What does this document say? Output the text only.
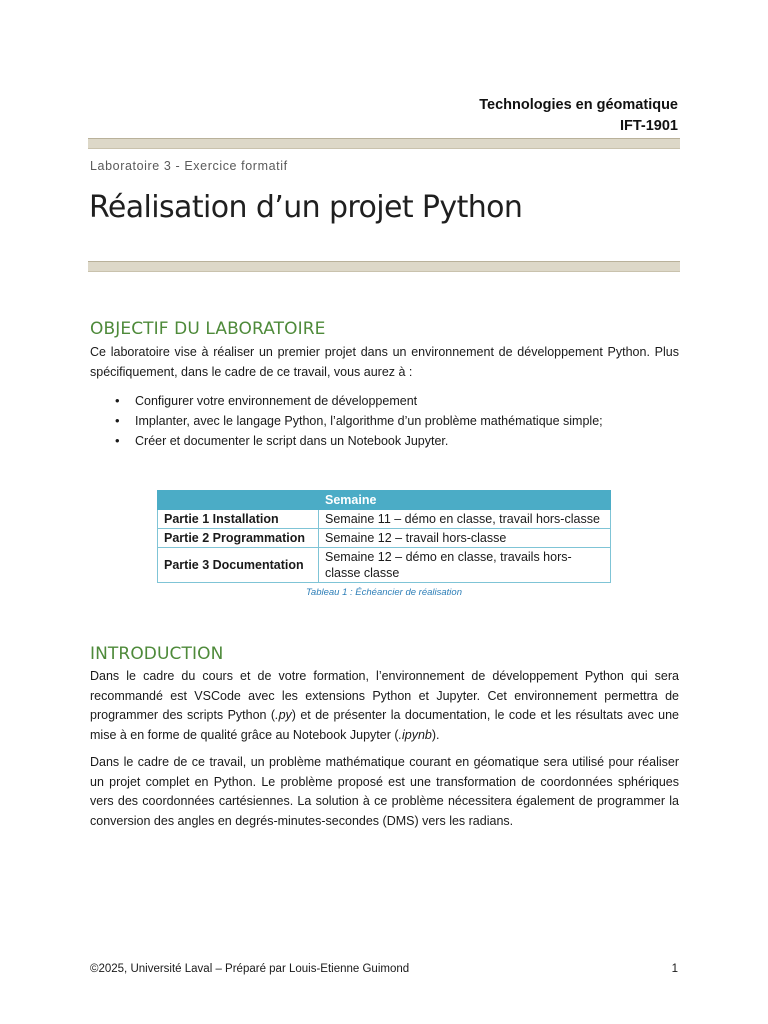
Technologies en géomatique
IFT-1901
Laboratoire 3 - Exercice formatif
Réalisation d’un projet Python
OBJECTIF DU LABORATOIRE

Ce laboratoire vise à réaliser un premier projet dans un environnement de développement Python. Plus spécifiquement, dans le cadre de ce travail, vous aurez à :

• Configurer votre environnement de développement
• Implanter, avec le langage Python, l’algorithme d’un problème mathématique simple;
• Créer et documenter le script dans un Notebook Jupyter.
	Semaine
Partie 1 Installation	Semaine 11 – démo en classe, travail hors-classe
Partie 2 Programmation	Semaine 12 – travail hors-classe
Partie 3 Documentation	Semaine 12 – démo en classe, travails hors-classe classe
Tableau 1 : Échéancier de réalisation
INTRODUCTION

Dans le cadre du cours et de votre formation, l’environnement de développement Python qui sera recommandé est VSCode avec les extensions Python et Jupyter. Cet environnement permettra de programmer des scripts Python (.py) et de présenter la documentation, le code et les résultats avec une mise à en forme de qualité grâce au Notebook Jupyter (.ipynb).

Dans le cadre de ce travail, un problème mathématique courant en géomatique sera utilisé pour réaliser un projet complet en Python. Le problème proposé est une transformation de coordonnées sphériques vers des coordonnées cartésiennes. La solution à ce problème nécessitera également de programmer la conversion des angles en degrés-minutes-secondes (DMS) vers les radians.

©2025, Université Laval – Préparé par Louis-Etienne Guimond	1
